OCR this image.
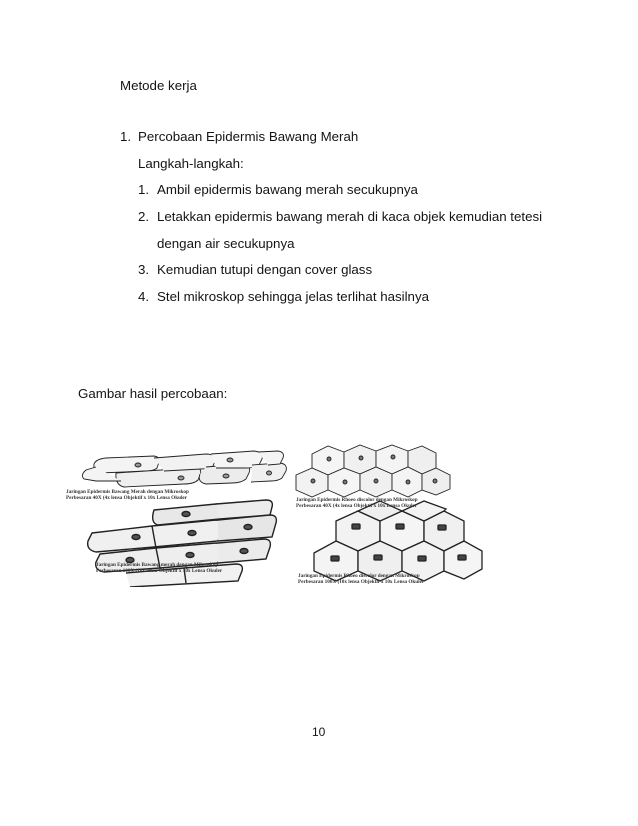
Metode kerja
1. Percobaan Epidermis Bawang Merah
Langkah-langkah:
1. Ambil epidermis bawang merah secukupnya
2. Letakkan epidermis bawang merah di kaca objek kemudian tetesi
dengan air secukupnya
3. Kemudian tutupi dengan cover glass
4. Stel mikroskop sehingga jelas terlihat hasilnya
Gambar hasil percobaan:
Jaringan Epidermis Bawang Merah dengan Mikroskop
Perbesaran 40X (4x lensa Objektif x 10x Lensa Okuler	Jaringan Epidermis Rhoeo discolor dengan Mikroskop
Perbesaran 40X (4x lensa Objektif x 10x Lensa Okuler
Jaringan Epidermis Bawang merah dengan Mikroskop
Perbesaran 100X (10x lensa Objektif x 10x Lensa Okuler
Jaringan Epidermis Rhoeo discolor dengan Mikroskop
Perbesaran 100X (10x lensa Objektif x 10x Lensa Okuler
10
